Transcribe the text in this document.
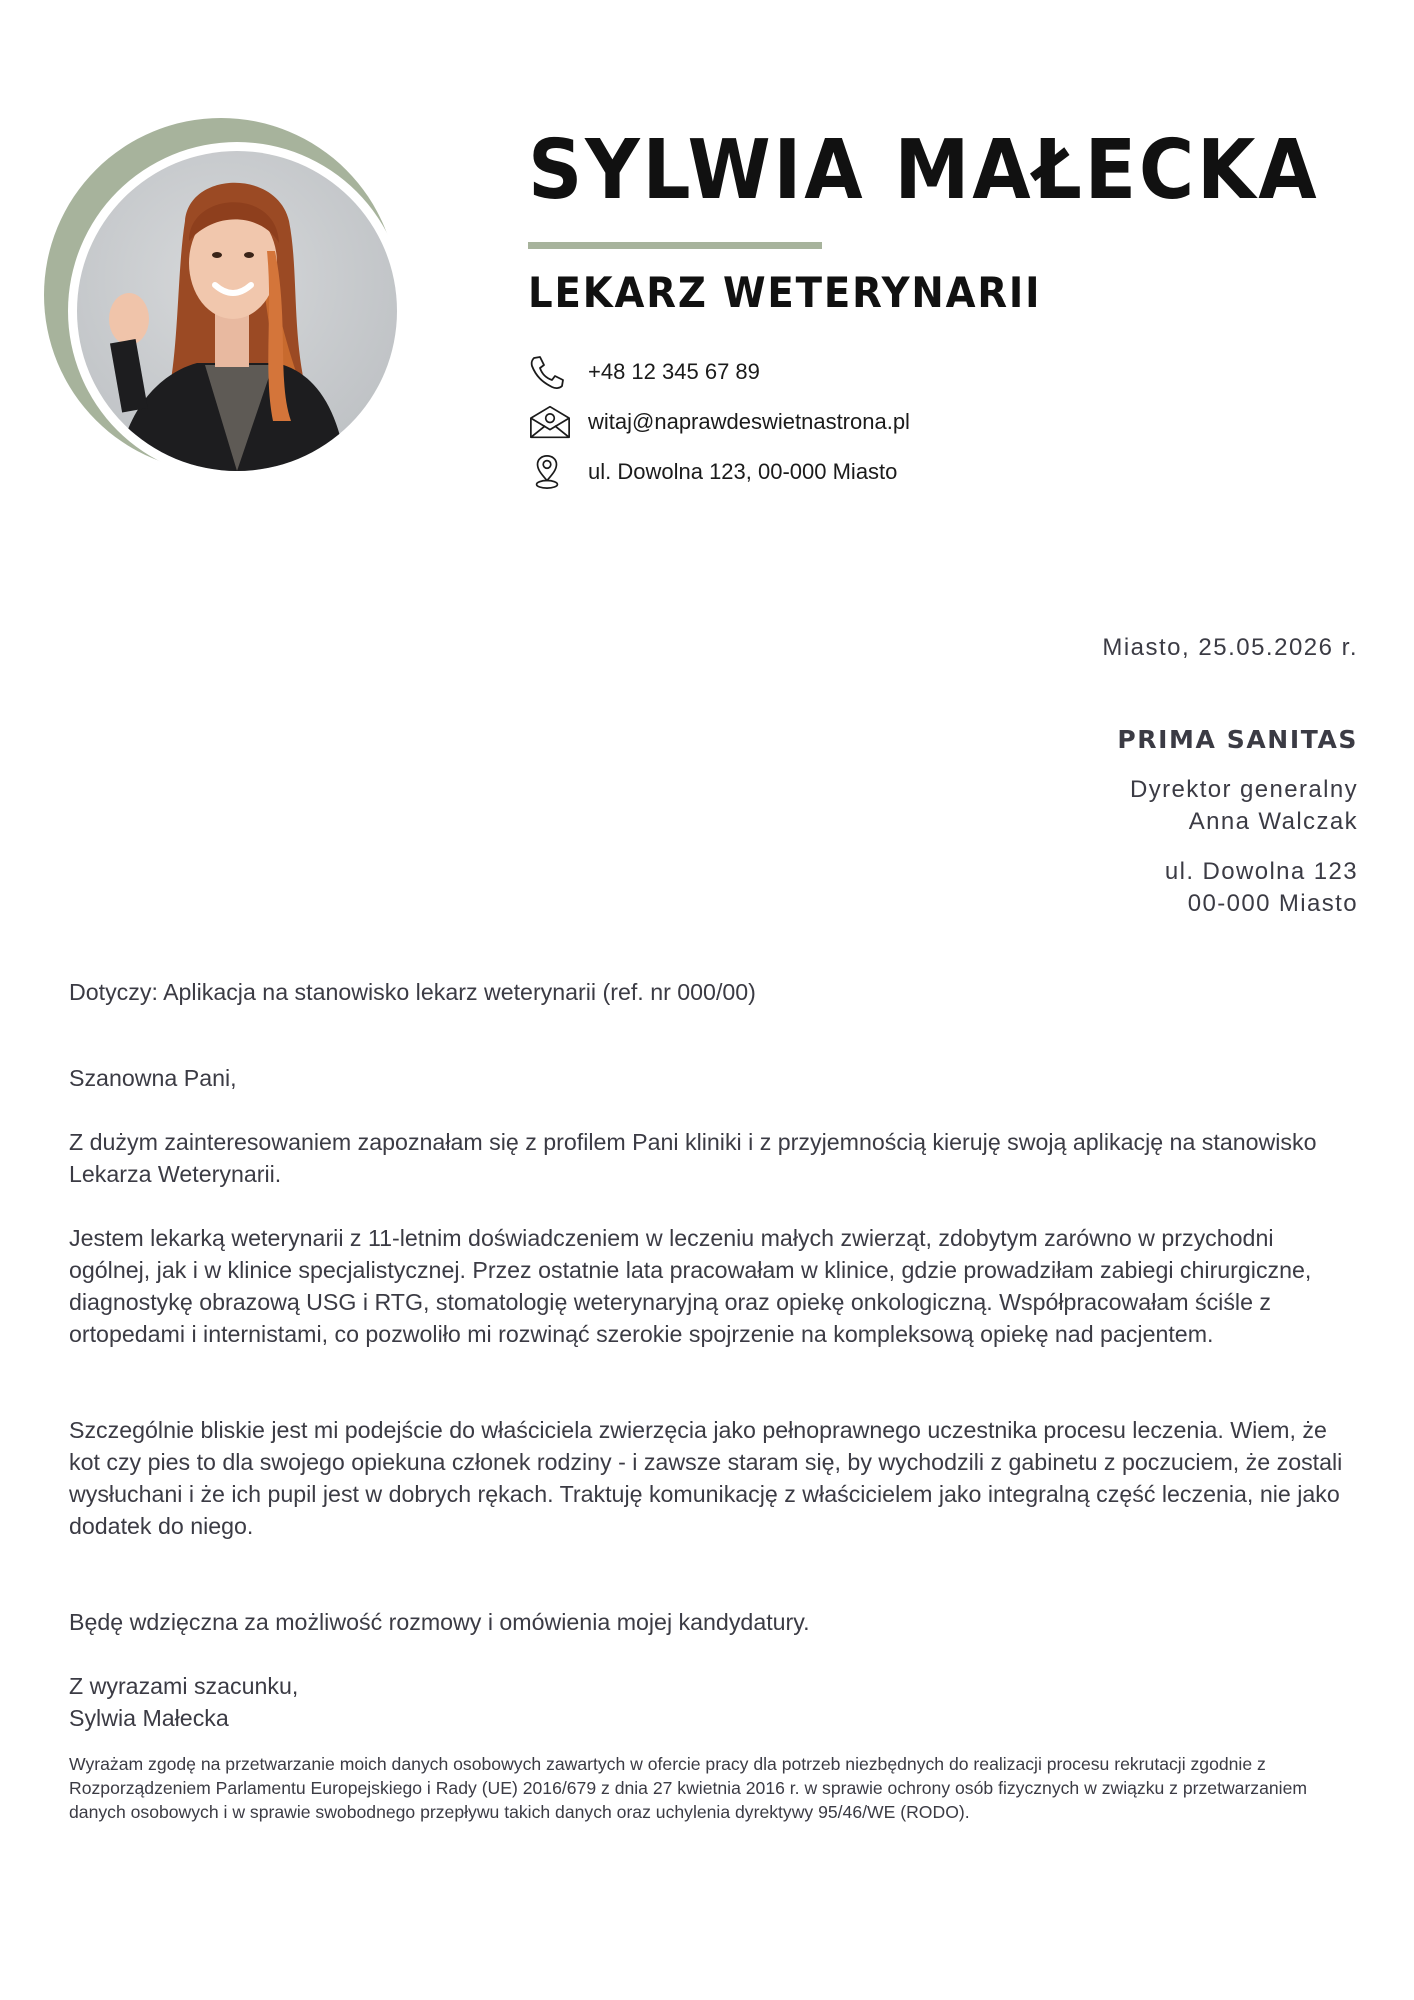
SYLWIA MAŁECKA
LEKARZ WETERYNARII
+48 12 345 67 89
witaj@naprawdeswietnastrona.pl
ul. Dowolna 123, 00-000 Miasto
Miasto, 25.05.2026 r.
PRIMA SANITAS
Dyrektor generalny
Anna Walczak
ul. Dowolna 123
00-000 Miasto
Dotyczy: Aplikacja na stanowisko lekarz weterynarii (ref. nr 000/00)
Szanowna Pani,

Z dużym zainteresowaniem zapoznałam się z profilem Pani kliniki i z przyjemnością kieruję swoją aplikację na stanowisko Lekarza Weterynarii.

Jestem lekarką weterynarii z 11-letnim doświadczeniem w leczeniu małych zwierząt, zdobytym zarówno w przychodni ogólnej, jak i w klinice specjalistycznej. Przez ostatnie lata pracowałam w klinice, gdzie prowadziłam zabiegi chirurgiczne, diagnostykę obrazową USG i RTG, stomatologię weterynaryjną oraz opiekę onkologiczną. Współpracowałam ściśle z ortopedami i internistami, co pozwoliło mi rozwinąć szerokie spojrzenie na kompleksową opiekę nad pacjentem.

Szczególnie bliskie jest mi podejście do właściciela zwierzęcia jako pełnoprawnego uczestnika procesu leczenia. Wiem, że kot czy pies to dla swojego opiekuna członek rodziny - i zawsze staram się, by wychodzili z gabinetu z poczuciem, że zostali wysłuchani i że ich pupil jest w dobrych rękach. Traktuję komunikację z właścicielem jako integralną część leczenia, nie jako dodatek do niego.

Będę wdzięczna za możliwość rozmowy i omówienia mojej kandydatury.
Z wyrazami szacunku,
Sylwia Małecka
Wyrażam zgodę na przetwarzanie moich danych osobowych zawartych w ofercie pracy dla potrzeb niezbędnych do realizacji procesu rekrutacji zgodnie z Rozporządzeniem Parlamentu Europejskiego i Rady (UE) 2016/679 z dnia 27 kwietnia 2016 r. w sprawie ochrony osób fizycznych w związku z przetwarzaniem danych osobowych i w sprawie swobodnego przepływu takich danych oraz uchylenia dyrektywy 95/46/WE (RODO).
